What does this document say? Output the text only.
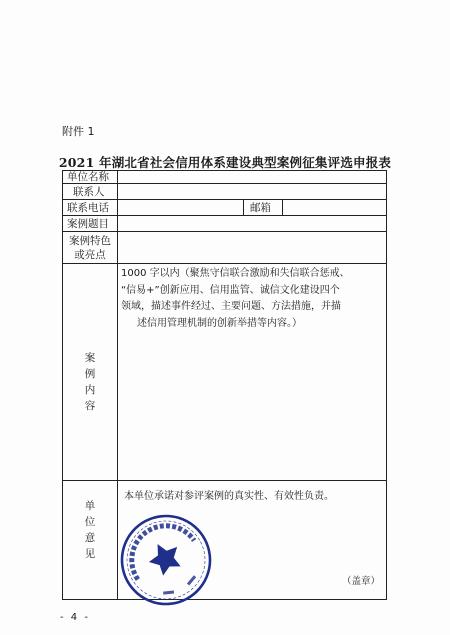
附件 1
2021 年湖北省社会信用体系建设典型案例征集评选申报表
单位名称
联系人
联系电话	邮箱
案例题目
案例特色
或亮点
案
例
内
容
1000 字以内（聚焦守信联合激励和失信联合惩戒、
“信易+”创新应用、信用监管、诚信文化建设四个
领域，描述事件经过、主要问题、方法措施，并描
述信用管理机制的创新举措等内容。）
单
位
意
见
本单位承诺对参评案例的真实性、有效性负责。
（盖章）
- 4 -
